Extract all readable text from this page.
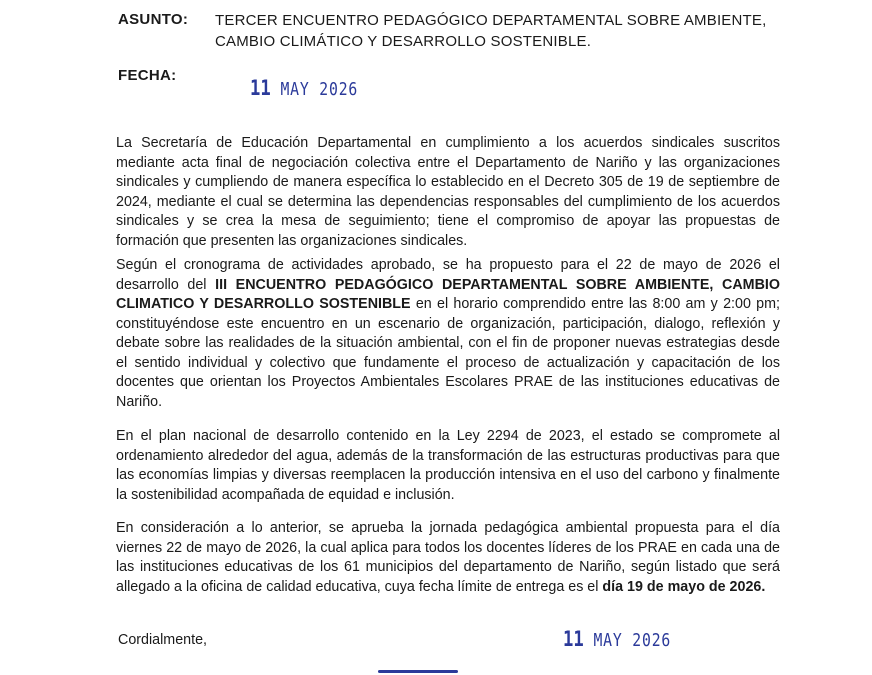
ASUNTO: TERCER ENCUENTRO PEDAGÓGICO DEPARTAMENTAL SOBRE AMBIENTE,
CAMBIO CLIMÁTICO Y DESARROLLO SOSTENIBLE.
FECHA:
11 MAY 2026
La Secretaría de Educación Departamental en cumplimiento a los acuerdos sindicales suscritos mediante acta final de negociación colectiva entre el Departamento de Nariño y las organizaciones sindicales y cumpliendo de manera específica lo establecido en el Decreto 305 de 19 de septiembre de 2024, mediante el cual se determina las dependencias responsables del cumplimiento de los acuerdos sindicales y se crea la mesa de seguimiento; tiene el compromiso de apoyar las propuestas de formación que presenten las organizaciones sindicales.
Según el cronograma de actividades aprobado, se ha propuesto para el 22 de mayo de 2026 el desarrollo del III ENCUENTRO PEDAGÓGICO DEPARTAMENTAL SOBRE AMBIENTE, CAMBIO CLIMATICO Y DESARROLLO SOSTENIBLE en el horario comprendido entre las 8:00 am y 2:00 pm; constituyéndose este encuentro en un escenario de organización, participación, dialogo, reflexión y debate sobre las realidades de la situación ambiental, con el fin de proponer nuevas estrategias desde el sentido individual y colectivo que fundamente el proceso de actualización y capacitación de los docentes que orientan los Proyectos Ambientales Escolares PRAE de las instituciones educativas de Nariño.
En el plan nacional de desarrollo contenido en la Ley 2294 de 2023, el estado se compromete al ordenamiento alrededor del agua, además de la transformación de las estructuras productivas para que las economías limpias y diversas reemplacen la producción intensiva en el uso del carbono y finalmente la sostenibilidad acompañada de equidad e inclusión.
En consideración a lo anterior, se aprueba la jornada pedagógica ambiental propuesta para el día viernes 22 de mayo de 2026, la cual aplica para todos los docentes líderes de los PRAE en cada una de las instituciones educativas de los 61 municipios del departamento de Nariño, según listado que será allegado a la oficina de calidad educativa, cuya fecha límite de entrega es el día 19 de mayo de 2026.
Cordialmente,	11 MAY 2026
